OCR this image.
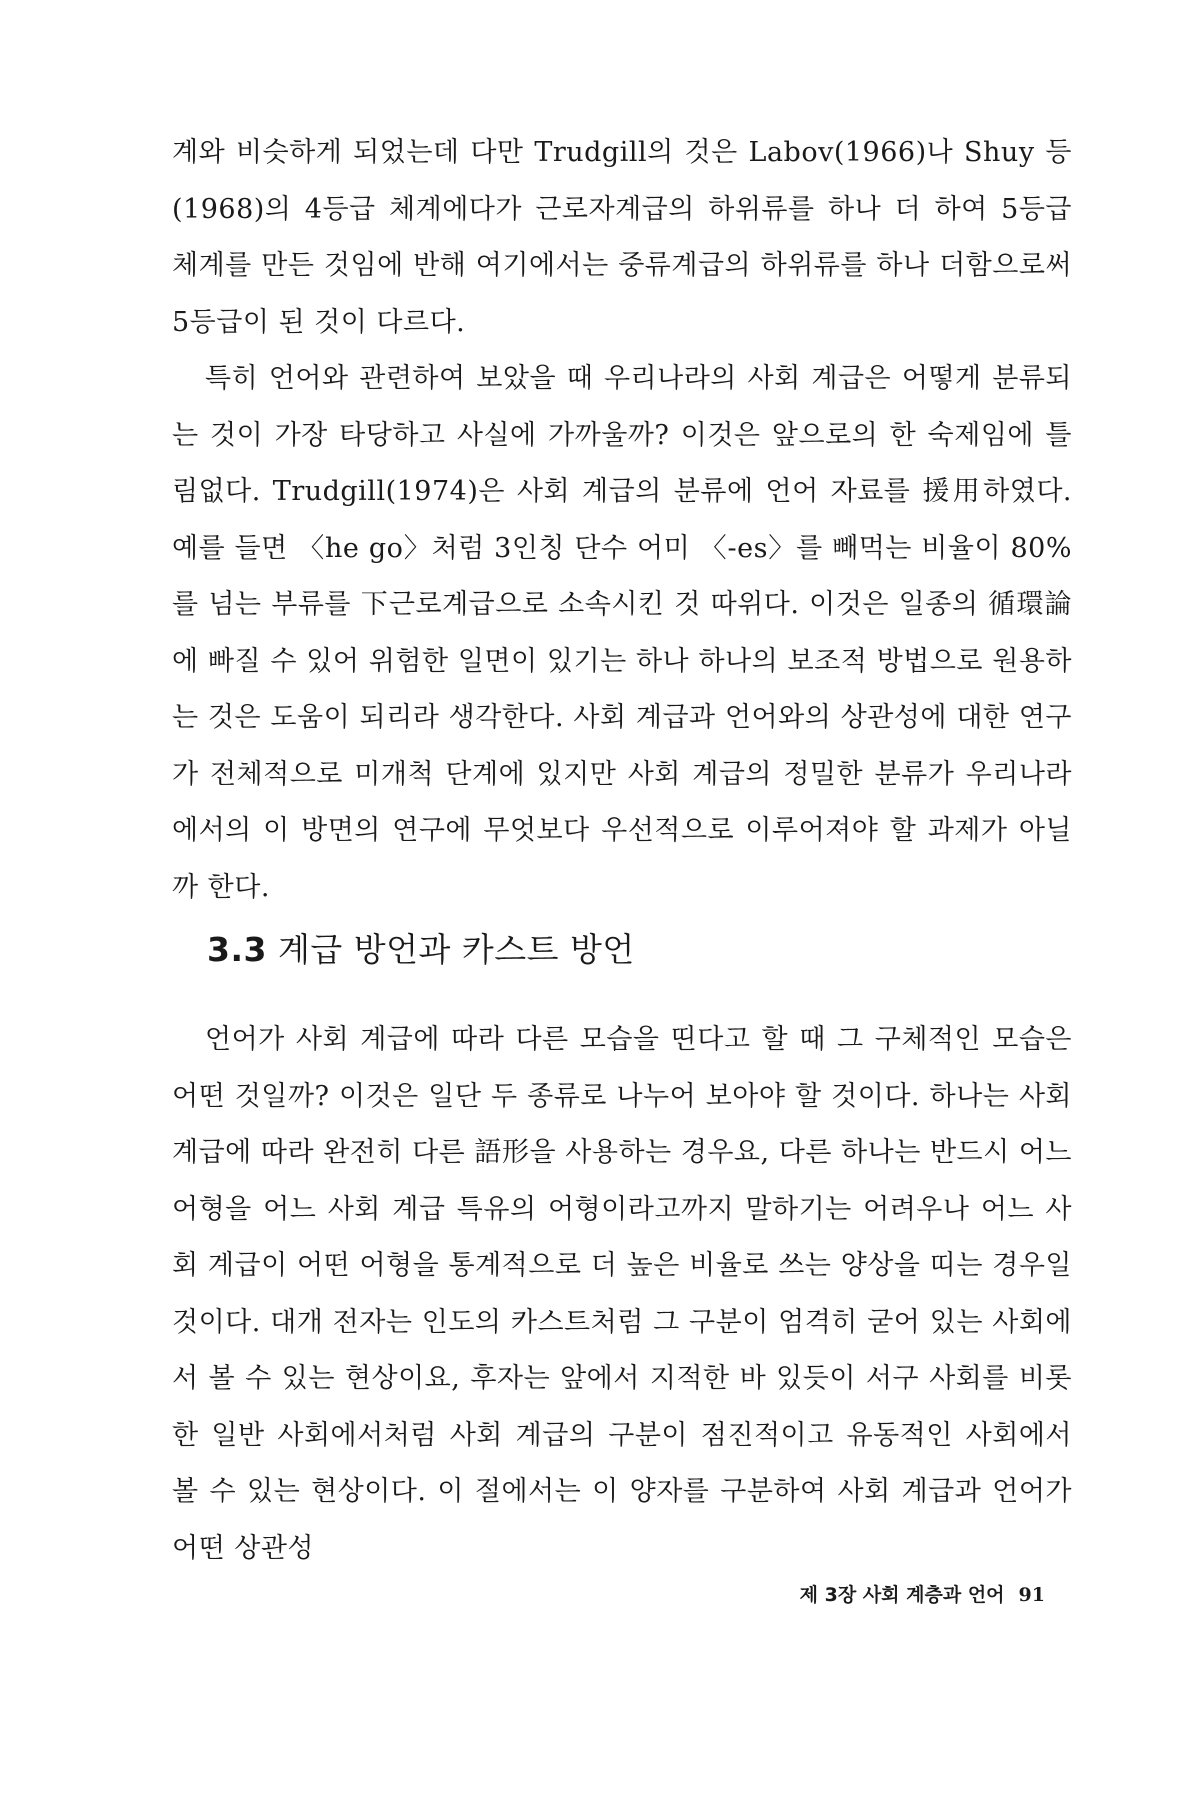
계와 비슷하게 되었는데 다만 Trudgill의 것은 Labov(1966)나 Shuy 등(1968)의 4등급 체계에다가 근로자계급의 하위류를 하나 더 하여 5등급 체계를 만든 것임에 반해 여기에서는 중류계급의 하위류를 하나 더함으로써 5등급이 된 것이 다르다.

특히 언어와 관련하여 보았을 때 우리나라의 사회 계급은 어떻게 분류되는 것이 가장 타당하고 사실에 가까울까? 이것은 앞으로의 한 숙제임에 틀림없다. Trudgill(1974)은 사회 계급의 분류에 언어 자료를 援用하였다. 예를 들면 〈he go〉처럼 3인칭 단수 어미 〈-es〉를 빼먹는 비율이 80%를 넘는 부류를 下근로계급으로 소속시킨 것 따위다. 이것은 일종의 循環論에 빠질 수 있어 위험한 일면이 있기는 하나 하나의 보조적 방법으로 원용하는 것은 도움이 되리라 생각한다. 사회 계급과 언어와의 상관성에 대한 연구가 전체적으로 미개척 단계에 있지만 사회 계급의 정밀한 분류가 우리나라에서의 이 방면의 연구에 무엇보다 우선적으로 이루어져야 할 과제가 아닐까 한다.

3.3 계급 방언과 카스트 방언

언어가 사회 계급에 따라 다른 모습을 띤다고 할 때 그 구체적인 모습은 어떤 것일까? 이것은 일단 두 종류로 나누어 보아야 할 것이다. 하나는 사회 계급에 따라 완전히 다른 語形을 사용하는 경우요, 다른 하나는 반드시 어느 어형을 어느 사회 계급 특유의 어형이라고까지 말하기는 어려우나 어느 사회 계급이 어떤 어형을 통계적으로 더 높은 비율로 쓰는 양상을 띠는 경우일 것이다. 대개 전자는 인도의 카스트처럼 그 구분이 엄격히 굳어 있는 사회에서 볼 수 있는 현상이요, 후자는 앞에서 지적한 바 있듯이 서구 사회를 비롯한 일반 사회에서처럼 사회 계급의 구분이 점진적이고 유동적인 사회에서 볼 수 있는 현상이다. 이 절에서는 이 양자를 구분하여 사회 계급과 언어가 어떤 상관성

제 3장 사회 계층과 언어 91
